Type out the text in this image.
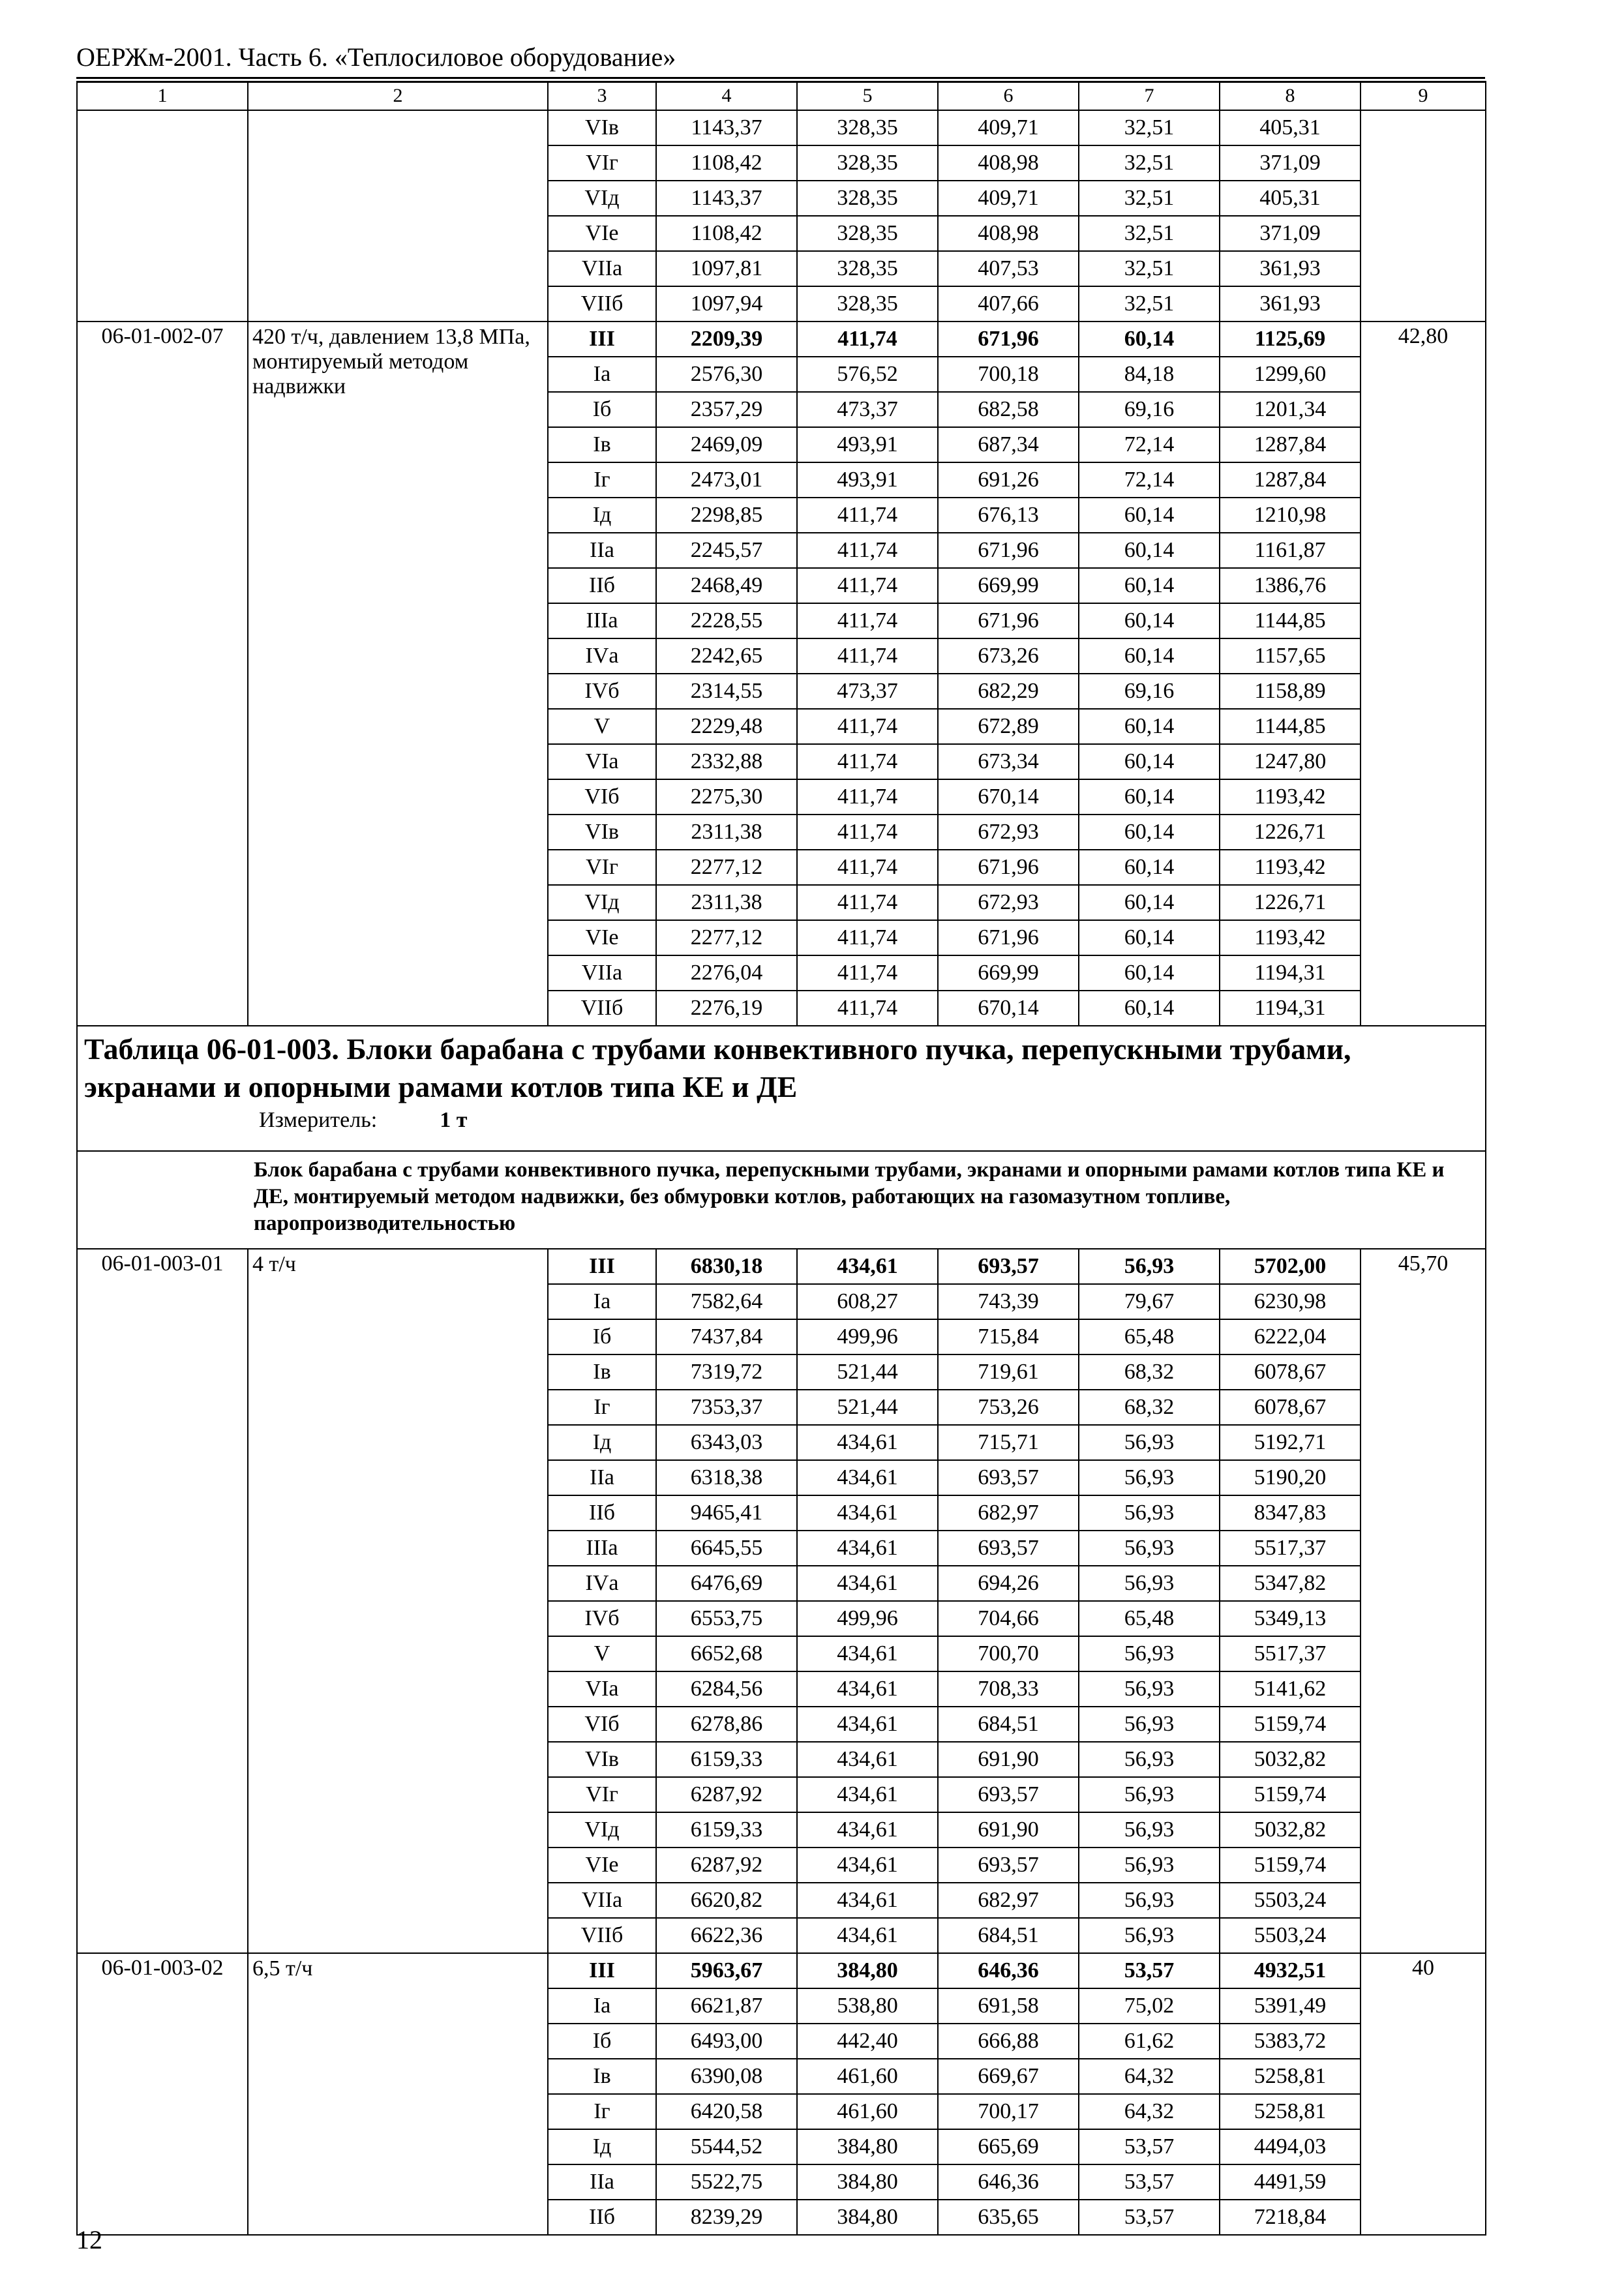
ОЕРЖм-2001. Часть 6. «Теплосиловое оборудование»
1	2	3	4	5	6	7	8	9
		VIв	1143,37	328,35	409,71	32,51	405,31	
		VIг	1108,42	328,35	408,98	32,51	371,09	
		VIд	1143,37	328,35	409,71	32,51	405,31	
		VIе	1108,42	328,35	408,98	32,51	371,09	
		VIIа	1097,81	328,35	407,53	32,51	361,93	
		VIIб	1097,94	328,35	407,66	32,51	361,93	
06-01-002-07	420 т/ч, давлением 13,8 МПа, монтируемый методом надвижки	III	2209,39	411,74	671,96	60,14	1125,69	42,80
		Iа	2576,30	576,52	700,18	84,18	1299,60	
		Iб	2357,29	473,37	682,58	69,16	1201,34	
		Iв	2469,09	493,91	687,34	72,14	1287,84	
		Iг	2473,01	493,91	691,26	72,14	1287,84	
		Iд	2298,85	411,74	676,13	60,14	1210,98	
		IIа	2245,57	411,74	671,96	60,14	1161,87	
		IIб	2468,49	411,74	669,99	60,14	1386,76	
		IIIа	2228,55	411,74	671,96	60,14	1144,85	
		IVа	2242,65	411,74	673,26	60,14	1157,65	
		IVб	2314,55	473,37	682,29	69,16	1158,89	
		V	2229,48	411,74	672,89	60,14	1144,85	
		VIа	2332,88	411,74	673,34	60,14	1247,80	
		VIб	2275,30	411,74	670,14	60,14	1193,42	
		VIв	2311,38	411,74	672,93	60,14	1226,71	
		VIг	2277,12	411,74	671,96	60,14	1193,42	
		VIд	2311,38	411,74	672,93	60,14	1226,71	
		VIе	2277,12	411,74	671,96	60,14	1193,42	
		VIIа	2276,04	411,74	669,99	60,14	1194,31	
		VIIб	2276,19	411,74	670,14	60,14	1194,31	

Таблица 06-01-003. Блоки барабана с трубами конвективного пучка, перепускными трубами, экранами и опорными рамами котлов типа КЕ и ДЕ
Измеритель: 1 т								

Блок барабана с трубами конвективного пучка, перепускными трубами, экранами и опорными рамами котлов типа КЕ и ДЕ, монтируемый методом надвижки, без обмуровки котлов, работающих на газомазутном топливе, паропроизводительностью								
06-01-003-01	4 т/ч	III	6830,18	434,61	693,57	56,93	5702,00	45,70
		Iа	7582,64	608,27	743,39	79,67	6230,98	
		Iб	7437,84	499,96	715,84	65,48	6222,04	
		Iв	7319,72	521,44	719,61	68,32	6078,67	
		Iг	7353,37	521,44	753,26	68,32	6078,67	
		Iд	6343,03	434,61	715,71	56,93	5192,71	
		IIа	6318,38	434,61	693,57	56,93	5190,20	
		IIб	9465,41	434,61	682,97	56,93	8347,83	
		IIIа	6645,55	434,61	693,57	56,93	5517,37	
		IVа	6476,69	434,61	694,26	56,93	5347,82	
		IVб	6553,75	499,96	704,66	65,48	5349,13	
		V	6652,68	434,61	700,70	56,93	5517,37	
		VIа	6284,56	434,61	708,33	56,93	5141,62	
		VIб	6278,86	434,61	684,51	56,93	5159,74	
		VIв	6159,33	434,61	691,90	56,93	5032,82	
		VIг	6287,92	434,61	693,57	56,93	5159,74	
		VIд	6159,33	434,61	691,90	56,93	5032,82	
		VIе	6287,92	434,61	693,57	56,93	5159,74	
		VIIа	6620,82	434,61	682,97	56,93	5503,24	
		VIIб	6622,36	434,61	684,51	56,93	5503,24	
06-01-003-02	6,5 т/ч	III	5963,67	384,80	646,36	53,57	4932,51	40
		Iа	6621,87	538,80	691,58	75,02	5391,49	
		Iб	6493,00	442,40	666,88	61,62	5383,72	
		Iв	6390,08	461,60	669,67	64,32	5258,81	
		Iг	6420,58	461,60	700,17	64,32	5258,81	
		Iд	5544,52	384,80	665,69	53,57	4494,03	
		IIа	5522,75	384,80	646,36	53,57	4491,59	
		IIб	8239,29	384,80	635,65	53,57	7218,84	
12
